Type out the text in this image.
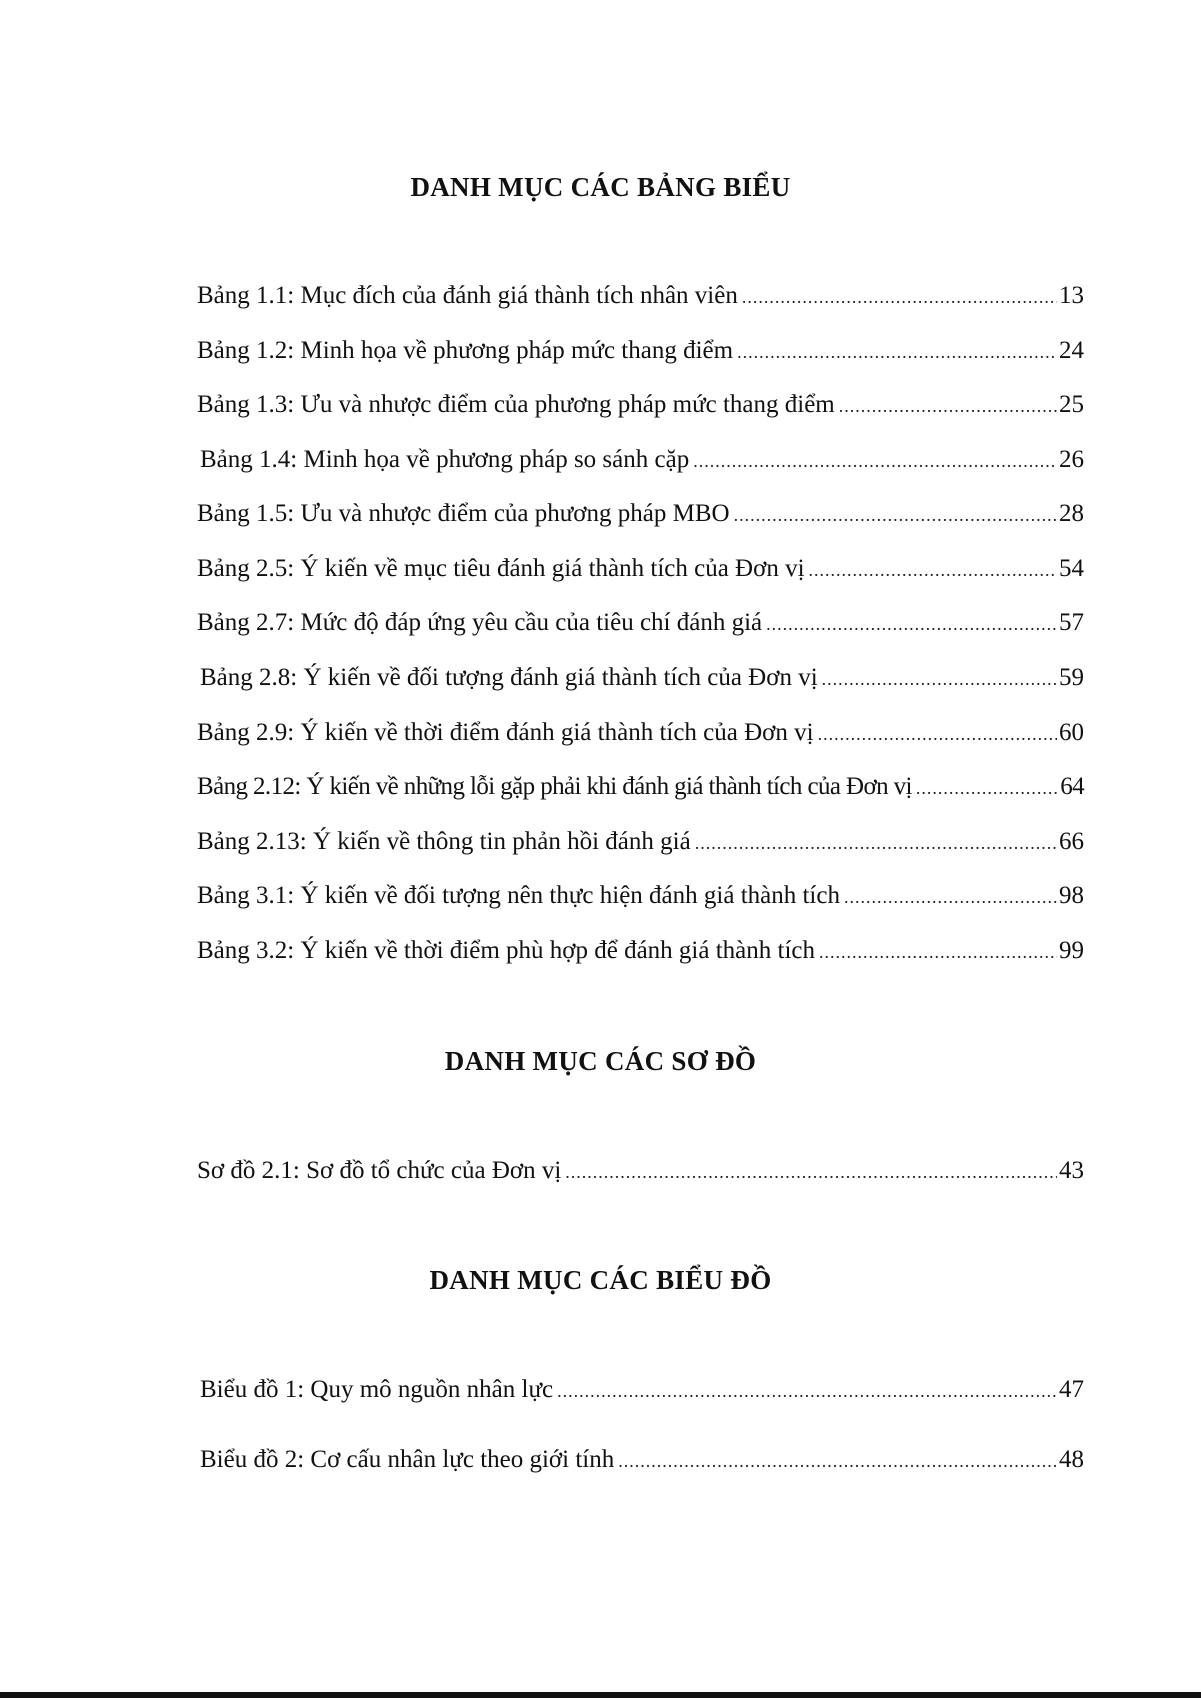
DANH MỤC CÁC BẢNG BIỂU
Bảng 1.1: Mục đích của đánh giá thành tích nhân viên .....	13
Bảng 1.2: Minh họa về phương pháp mức thang điểm .....	24
Bảng 1.3: Ưu và nhược điểm của phương pháp mức thang điểm .....	25
Bảng 1.4: Minh họa về phương pháp so sánh cặp .....	26
Bảng 1.5: Ưu và nhược điểm của phương pháp MBO .....	28
Bảng 2.5: Ý kiến về mục tiêu đánh giá thành tích của Đơn vị .....	54
Bảng 2.7: Mức độ đáp ứng yêu cầu của tiêu chí đánh giá .....	57
Bảng 2.8: Ý kiến về đối tượng đánh giá thành tích của Đơn vị .....	59
Bảng 2.9: Ý kiến về thời điểm đánh giá thành tích của Đơn vị .....	60
Bảng 2.12: Ý kiến về những lỗi gặp phải khi đánh giá thành tích của Đơn vị .....	64
Bảng 2.13: Ý kiến về thông tin phản hồi đánh giá .....	66
Bảng 3.1: Ý kiến về đối tượng nên thực hiện đánh giá thành tích .....	98
Bảng 3.2: Ý kiến về thời điểm phù hợp để đánh giá thành tích .....	99
DANH MỤC CÁC SƠ ĐỒ
Sơ đồ 2.1: Sơ đồ tổ chức của Đơn vị .....	43
DANH MỤC CÁC BIỂU ĐỒ
Biểu đồ 1: Quy mô nguồn nhân lực .....	47
Biểu đồ 2: Cơ cấu nhân lực theo giới tính .....	48
